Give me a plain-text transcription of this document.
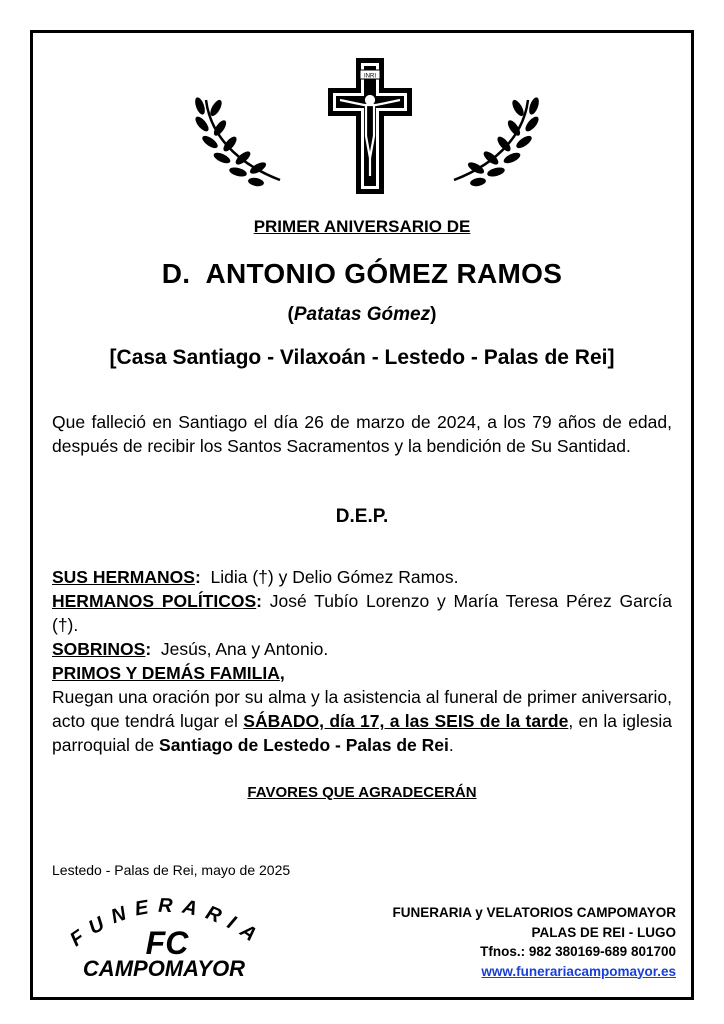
INRI
PRIMER ANIVERSARIO DE
D.  ANTONIO GÓMEZ RAMOS
(Patatas Gómez)
[Casa Santiago - Vilaxoán - Lestedo - Palas de Rei]
Que falleció en Santiago el día 26 de marzo de 2024, a los 79 años de edad, después de recibir los Santos Sacramentos y la bendición de Su Santidad.
D.E.P.
SUS HERMANOS:  Lidia (†) y Delio Gómez Ramos.
HERMANOS POLÍTICOS: José Tubío Lorenzo y María Teresa Pérez García (†).
SOBRINOS:  Jesús, Ana y Antonio.
PRIMOS Y DEMÁS FAMILIA,
Ruegan una oración por su alma y la asistencia al funeral de primer aniversario, acto que tendrá lugar el SÁBADO, día 17, a las SEIS de la tarde, en la iglesia parroquial de Santiago de Lestedo - Palas de Rei.
FAVORES QUE AGRADECERÁN
Lestedo - Palas de Rei, mayo de 2025
FUNERARIA
FC
CAMPOMAYOR
FUNERARIA y VELATORIOS CAMPOMAYOR
PALAS DE REI - LUGO
Tfnos.: 982 380169-689 801700
www.funerariacampomayor.es
